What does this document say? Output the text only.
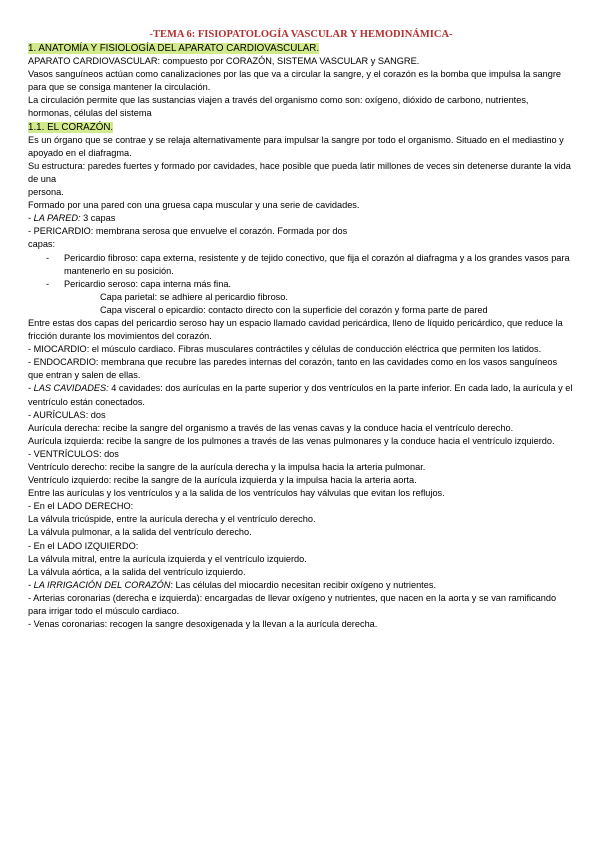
-TEMA 6: FISIOPATOLOGÍA VASCULAR Y HEMODINÁMICA-
1. ANATOMÍA Y FISIOLOGÍA DEL APARATO CARDIOVASCULAR.

APARATO CARDIOVASCULAR: compuesto por CORAZÓN, SISTEMA VASCULAR y SANGRE.

Vasos sanguíneos actúan como canalizaciones por las que va a circular la sangre, y el corazón es la bomba que impulsa la sangre para que se consiga mantener la circulación.

La circulación permite que las sustancias viajen a través del organismo como son: oxígeno, dióxido de carbono, nutrientes, hormonas, células del sistema

1.1. EL CORAZÓN.

Es un órgano que se contrae y se relaja alternativamente para impulsar la sangre por todo el organismo. Situado en el mediastino y apoyado en el diafragma.

Su estructura: paredes fuertes y formado por cavidades, hace posible que pueda latir millones de veces sin detenerse durante la vida de una

persona.

Formado por una pared con una gruesa capa muscular y una serie de cavidades.

- LA PARED: 3 capas

- PERICARDIO: membrana serosa que envuelve el corazón. Formada por dos

capas:

- Pericardio fibroso: capa externa, resistente y de tejido conectivo, que fija el corazón al diafragma y a los grandes vasos para mantenerlo en su posición.
- Pericardio seroso: capa interna más fina.
Capa parietal: se adhiere al pericardio fibroso.
Capa visceral o epicardio: contacto directo con la superficie del corazón y forma parte de pared

Entre estas dos capas del pericardio seroso hay un espacio llamado cavidad pericárdica, lleno de líquido pericárdico, que reduce la fricción durante los movimientos del corazón.

- MIOCARDIO: el músculo cardiaco. Fibras musculares contráctiles y células de conducción eléctrica que permiten los latidos.

- ENDOCARDIO: membrana que recubre las paredes internas del corazón, tanto en las cavidades como en los vasos sanguíneos que entran y salen de ellas.

- LAS CAVIDADES: 4 cavidades: dos aurículas en la parte superior y dos ventrículos en la parte inferior. En cada lado, la aurícula y el ventrículo están conectados.

- AURÍCULAS: dos

Aurícula derecha: recibe la sangre del organismo a través de las venas cavas y la conduce hacia el ventrículo derecho.

Aurícula izquierda: recibe la sangre de los pulmones a través de las venas pulmonares y la conduce hacia el ventrículo izquierdo.

- VENTRÍCULOS: dos

Ventrículo derecho: recibe la sangre de la aurícula derecha y la impulsa hacia la arteria pulmonar.

Ventrículo izquierdo: recibe la sangre de la aurícula izquierda y la impulsa hacia la arteria aorta.

Entre las aurículas y los ventrículos y a la salida de los ventrículos hay válvulas que evitan los reflujos.

- En el LADO DERECHO:

La válvula tricúspide, entre la aurícula derecha y el ventrículo derecho.

La válvula pulmonar, a la salida del ventrículo derecho.

- En el LADO IZQUIERDO:

La válvula mitral, entre la aurícula izquierda y el ventrículo izquierdo.

La válvula aórtica, a la salida del ventrículo izquierdo.

- LA IRRIGACIÓN DEL CORAZÓN: Las células del miocardio necesitan recibir oxígeno y nutrientes.

- Arterias coronarias (derecha e izquierda): encargadas de llevar oxígeno y nutrientes, que nacen en la aorta y se van ramificando para irrigar todo el músculo cardiaco.

- Venas coronarias: recogen la sangre desoxigenada y la llevan a la aurícula derecha.
